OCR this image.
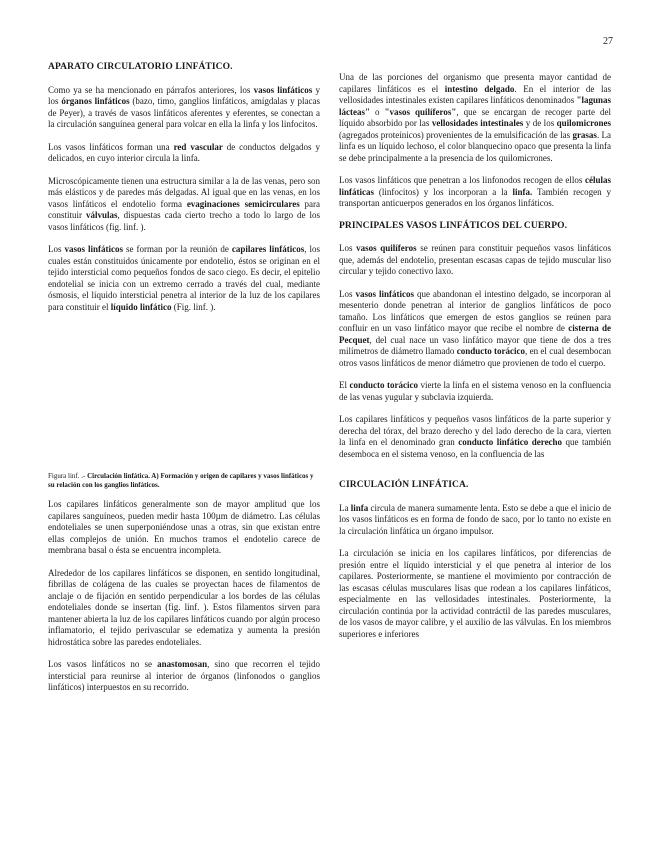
27
APARATO CIRCULATORIO LINFÁTICO.

Como ya se ha mencionado en párrafos anteriores, los vasos linfáticos y los órganos linfáticos (bazo, timo, ganglios linfáticos, amígdalas y placas de Peyer), a través de vasos linfáticos aferentes y eferentes, se conectan a la circulación sanguínea general para volcar en ella la linfa y los linfocitos.

Los vasos linfáticos forman una red vascular de conductos delgados y delicados, en cuyo interior circula la linfa.

Microscópicamente tienen una estructura similar a la de las venas, pero son más elásticos y de paredes más delgadas. Al igual que en las venas, en los vasos linfáticos el endotelio forma evaginaciones semicirculares para constituir válvulas, dispuestas cada cierto trecho a todo lo largo de los vasos linfáticos (fig. linf. ).

Los vasos linfáticos se forman por la reunión de capilares linfáticos, los cuales están constituidos únicamente por endotelio, éstos se originan en el tejido intersticial como pequeños fondos de saco ciego. Es decir, el epitelio endotelial se inicia con un extremo cerrado a través del cual, mediante ósmosis, el líquido intersticial penetra al interior de la luz de los capilares para constituir el líquido linfático (Fig. linf. ).

Figura linf. .- Circulación linfática. A) Formación y origen de capilares y vasos linfáticos y su relación con los ganglios linfáticos.

Los capilares linfáticos generalmente son de mayor amplitud que los capilares sanguíneos, pueden medir hasta 100µm de diámetro. Las células endoteliales se unen superponiéndose unas a otras, sin que existan entre ellas complejos de unión. En muchos tramos el endotelio carece de membrana basal o ésta se encuentra incompleta.

Alrededor de los capilares linfáticos se disponen, en sentido longitudinal, fibrillas de colágena de las cuales se proyectan haces de filamentos de anclaje o de fijación en sentido perpendicular a los bordes de las células endoteliales donde se insertan (fig. linf. ). Estos filamentos sirven para mantener abierta la luz de los capilares linfáticos cuando por algún proceso inflamatorio, el tejido perivascular se edematiza y aumenta la presión hidrostática sobre las paredes endoteliales.

Los vasos linfáticos no se anastomosan, sino que recorren el tejido intersticial para reunirse al interior de órganos (linfonodos o ganglios linfáticos) interpuestos en su recorrido.

Una de las porciones del organismo que presenta mayor cantidad de capilares linfáticos es el intestino delgado. En el interior de las vellosidades intestinales existen capilares linfáticos denominados "lagunas lácteas" o "vasos quilíferos", que se encargan de recoger parte del líquido absorbido por las vellosidades intestinales y de los quilomicrones (agregados proteínicos) provenientes de la emulsificación de las grasas. La linfa es un líquido lechoso, el color blanquecino opaco que presenta la linfa se debe principalmente a la presencia de los quilomicrones.

Los vasos linfáticos que penetran a los linfonodos recogen de ellos células linfáticas (linfocitos) y los incorporan a la linfa. También recogen y transportan anticuerpos generados en los órganos linfáticos.

PRINCIPALES VASOS LINFÁTICOS DEL CUERPO.

Los vasos quilíferos se reúnen para constituir pequeños vasos linfáticos que, además del endotelio, presentan escasas capas de tejido muscular liso circular y tejido conectivo laxo.

Los vasos linfáticos que abandonan el intestino delgado, se incorporan al mesenterio donde penetran al interior de ganglios linfáticos de poco tamaño. Los linfáticos que emergen de estos ganglios se reúnen para confluir en un vaso linfático mayor que recibe el nombre de cisterna de Pecquet, del cual nace un vaso linfático mayor que tiene de dos a tres milímetros de diámetro llamado conducto torácico, en el cual desembocan otros vasos linfáticos de menor diámetro que provienen de todo el cuerpo.

El conducto torácico vierte la linfa en el sistema venoso en la confluencia de las venas yugular y subclavia izquierda.

Los capilares linfáticos y pequeños vasos linfáticos de la parte superior y derecha del tórax, del brazo derecho y del lado derecho de la cara, vierten la linfa en el denominado gran conducto linfático derecho que también desemboca en el sistema venoso, en la confluencia de las

CIRCULACIÓN LINFÁTICA.

La linfa circula de manera sumamente lenta. Esto se debe a que el inicio de los vasos linfáticos es en forma de fondo de saco, por lo tanto no existe en la circulación linfática un órgano impulsor.

La circulación se inicia en los capilares linfáticos, por diferencias de presión entre el líquido intersticial y el que penetra al interior de los capilares. Posteriormente, se mantiene el movimiento por contracción de las escasas células musculares lisas que rodean a los capilares linfáticos, especialmente en las vellosidades intestinales. Posteriormente, la circulación continúa por la actividad contráctil de las paredes musculares, de los vasos de mayor calibre, y el auxilio de las válvulas. En los miembros superiores e inferiores
